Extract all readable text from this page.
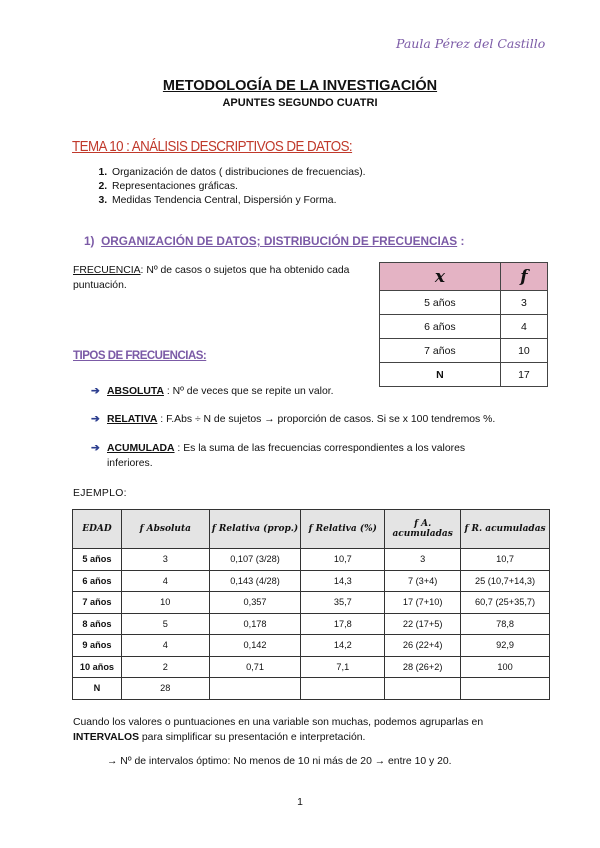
Paula Pérez del Castillo
METODOLOGÍA DE LA INVESTIGACIÓN
APUNTES SEGUNDO CUATRI
TEMA 10 : ANÁLISIS DESCRIPTIVOS DE DATOS:
1. Organización de datos ( distribuciones de frecuencias).
2. Representaciones gráficas.
3. Medidas Tendencia Central, Dispersión y Forma.
1) ORGANIZACIÓN DE DATOS; DISTRIBUCIÓN DE FRECUENCIAS :
FRECUENCIA: Nº de casos o sujetos que ha obtenido cada puntuación.	x	f
5 años	3
6 años	4
7 años	10
N	17
TIPOS DE FRECUENCIAS:
➔ ABSOLUTA : Nº de veces que se repite un valor.
➔ RELATIVA : F.Abs ÷ N de sujetos → proporción de casos. Si se x 100 tendremos %.
➔ ACUMULADA : Es la suma de las frecuencias correspondientes a los valores inferiores.
EJEMPLO:
EDAD	f Absoluta	f Relativa (prop.)	f Relativa (%)	f A. acumuladas	f R. acumuladas
5 años	3	0,107 (3/28)	10,7	3	10,7
6 años	4	0,143 (4/28)	14,3	7 (3+4)	25 (10,7+14,3)
7 años	10	0,357	35,7	17 (7+10)	60,7 (25+35,7)
8 años	5	0,178	17,8	22 (17+5)	78,8
9 años	4	0,142	14,2	26 (22+4)	92,9
10 años	2	0,71	7,1	28 (26+2)	100
N	28				
Cuando los valores o puntuaciones en una variable son muchas, podemos agruparlas en INTERVALOS para simplificar su presentación e interpretación.
→ Nº de intervalos óptimo: No menos de 10 ni más de 20 → entre 10 y 20.
1
